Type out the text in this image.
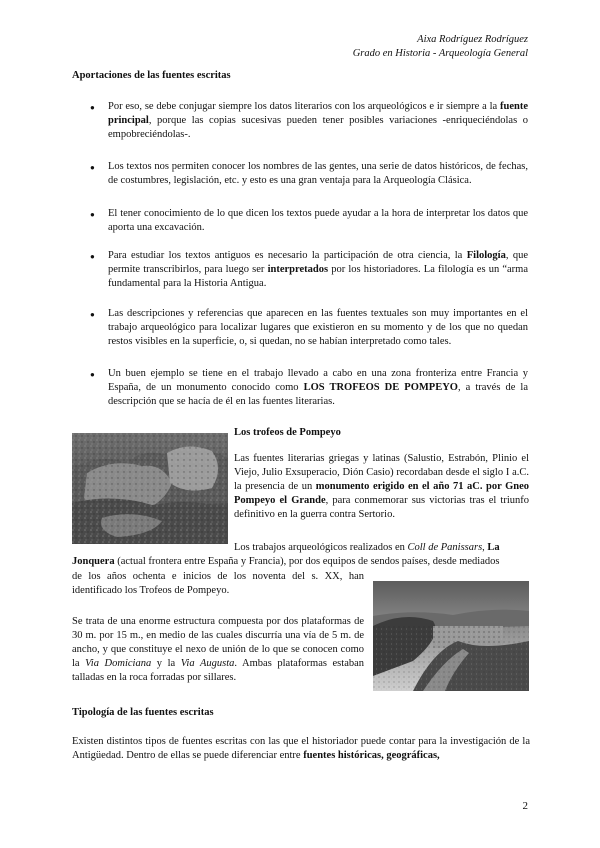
Aixa Rodríguez Rodríguez
Grado en Historia - Arqueología General
Aportaciones de las fuentes escritas
●	Por eso, se debe conjugar siempre los datos literarios con los arqueológicos e ir siempre a la fuente principal, porque las copias sucesivas pueden tener posibles variaciones -enriqueciéndolas o empobreciéndolas-.
●	Los textos nos permiten conocer los nombres de las gentes, una serie de datos históricos, de fechas, de costumbres, legislación, etc. y esto es una gran ventaja para la Arqueología Clásica.
●	El tener conocimiento de lo que dicen los textos puede ayudar a la hora de interpretar los datos que aporta una excavación.
●	Para estudiar los textos antiguos es necesario la participación de otra ciencia, la Filología, que permite transcribirlos, para luego ser interpretados por los historiadores. La filología es un “arma fundamental para la Historia Antigua.
●	Las descripciones y referencias que aparecen en las fuentes textuales son muy importantes en el trabajo arqueológico para localizar lugares que existieron en su momento y de los que no quedan restos visibles en la superficie, o, si quedan, no se habían interpretado como tales.
●	Un buen ejemplo se tiene en el trabajo llevado a cabo en una zona fronteriza entre Francia y España, de un monumento conocido como LOS TROFEOS DE POMPEYO, a través de la descripción que se hacía de él en las fuentes literarias.
Los trofeos de Pompeyo
Las fuentes literarias griegas y latinas (Salustio, Estrabón, Plinio el Viejo, Julio Exsuperacio, Dión Casio) recordaban desde el siglo I a.C. la presencia de un monumento erigido en el año 71 aC. por Gneo Pompeyo el Grande, para conmemorar sus victorias tras el triunfo definitivo en la guerra contra Sertorio.
Los trabajos arqueológicos realizados en Coll de Panissars, La
Jonquera (actual frontera entre España y Francia), por dos equipos de sendos países, desde mediados
de los años ochenta e inicios de los noventa del s. XX, han identificado los Trofeos de Pompeyo.
Se trata de una enorme estructura compuesta por dos plataformas de 30 m. por 15 m., en medio de las cuales discurría una vía de 5 m. de ancho, y que constituye el nexo de unión de lo que se conocen como la Via Domiciana y la Via Augusta. Ambas plataformas estaban talladas en la roca forradas por sillares.
Tipología de las fuentes escritas
Existen distintos tipos de fuentes escritas con las que el historiador puede contar para la investigación de la Antigüedad. Dentro de ellas se puede diferenciar entre fuentes históricas, geográficas,
2
